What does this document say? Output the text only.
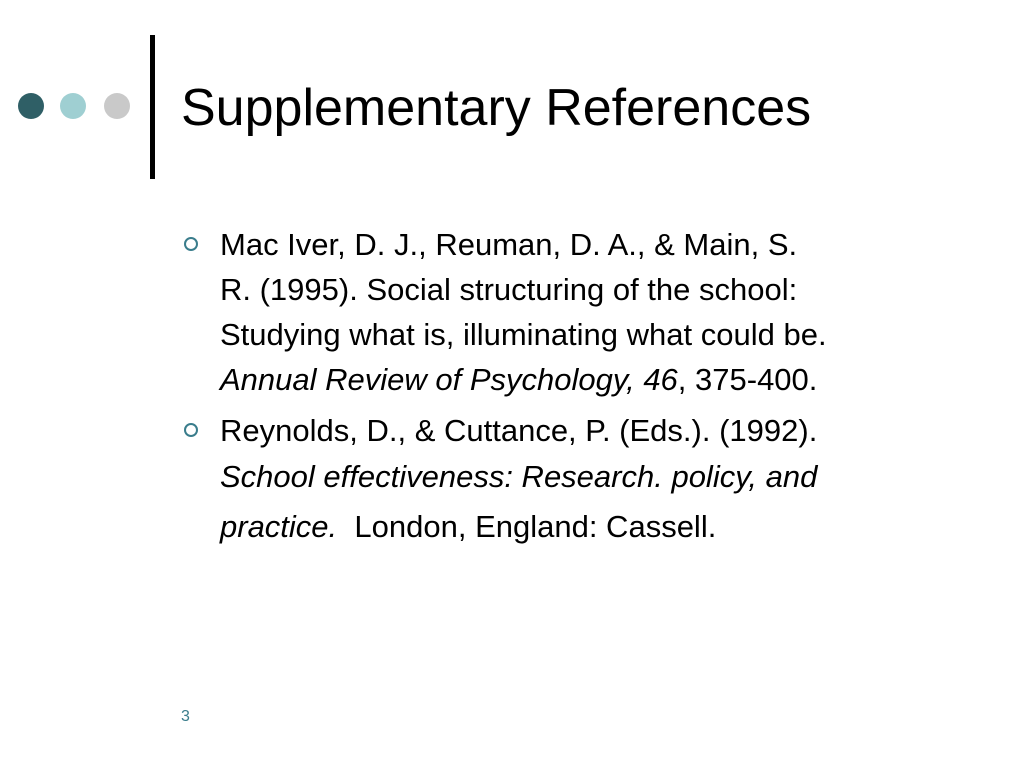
Supplementary References
Mac Iver, D. J., Reuman, D. A., & Main, S.
R. (1995). Social structuring of the school:
Studying what is, illuminating what could be.
Annual Review of Psychology, 46, 375-400.
Reynolds, D., & Cuttance, P. (Eds.). (1992).
School effectiveness: Research. policy, and
practice.  London, England: Cassell.
3
